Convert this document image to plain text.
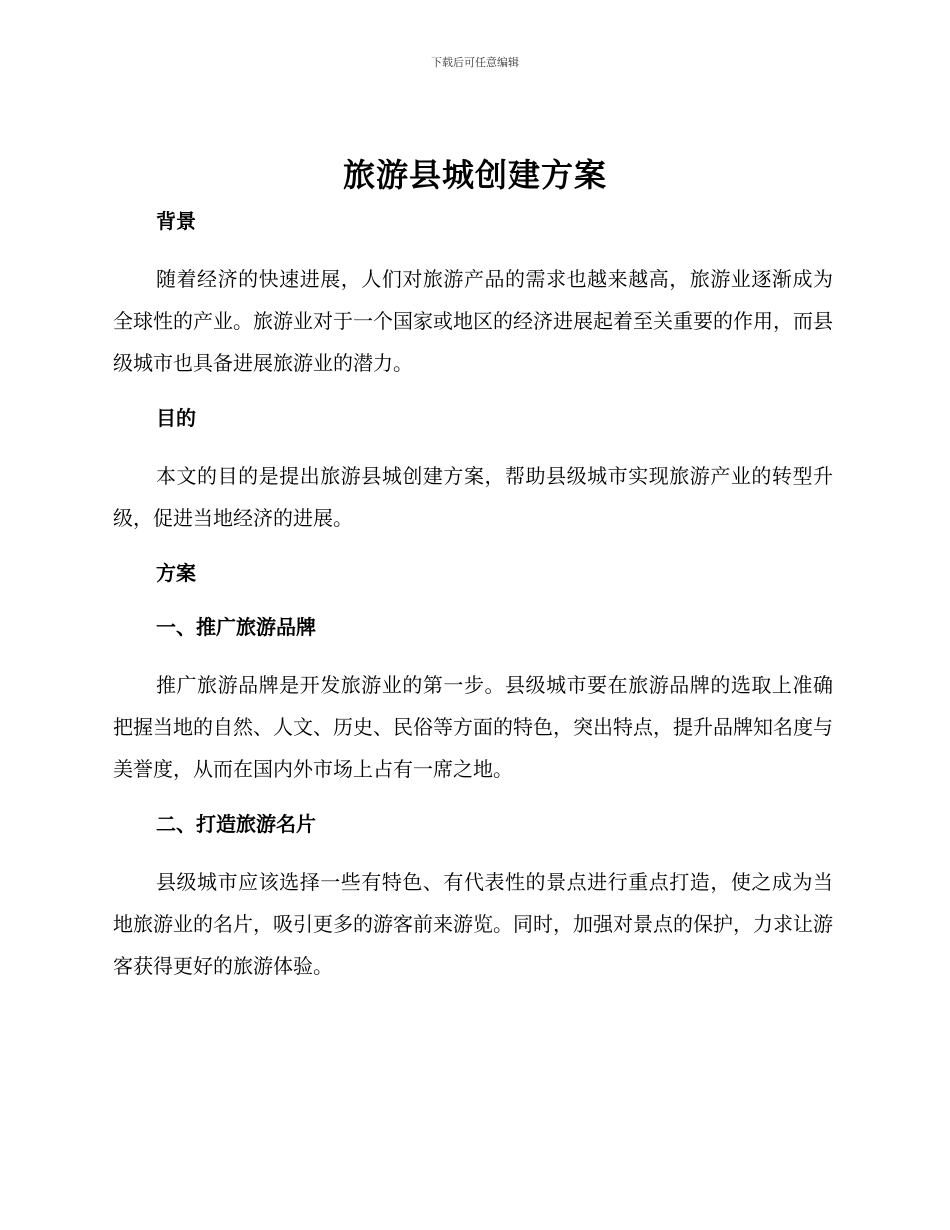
下载后可任意编辑
旅游县城创建方案
背景

随着经济的快速进展，人们对旅游产品的需求也越来越高，旅游业逐渐成为全球性的产业。旅游业对于一个国家或地区的经济进展起着至关重要的作用，而县级城市也具备进展旅游业的潜力。

目的

本文的目的是提出旅游县城创建方案，帮助县级城市实现旅游产业的转型升级，促进当地经济的进展。

方案
一、推广旅游品牌

推广旅游品牌是开发旅游业的第一步。县级城市要在旅游品牌的选取上准确把握当地的自然、人文、历史、民俗等方面的特色，突出特点，提升品牌知名度与美誉度，从而在国内外市场上占有一席之地。

二、打造旅游名片

县级城市应该选择一些有特色、有代表性的景点进行重点打造，使之成为当地旅游业的名片，吸引更多的游客前来游览。同时，加强对景点的保护，力求让游客获得更好的旅游体验。
